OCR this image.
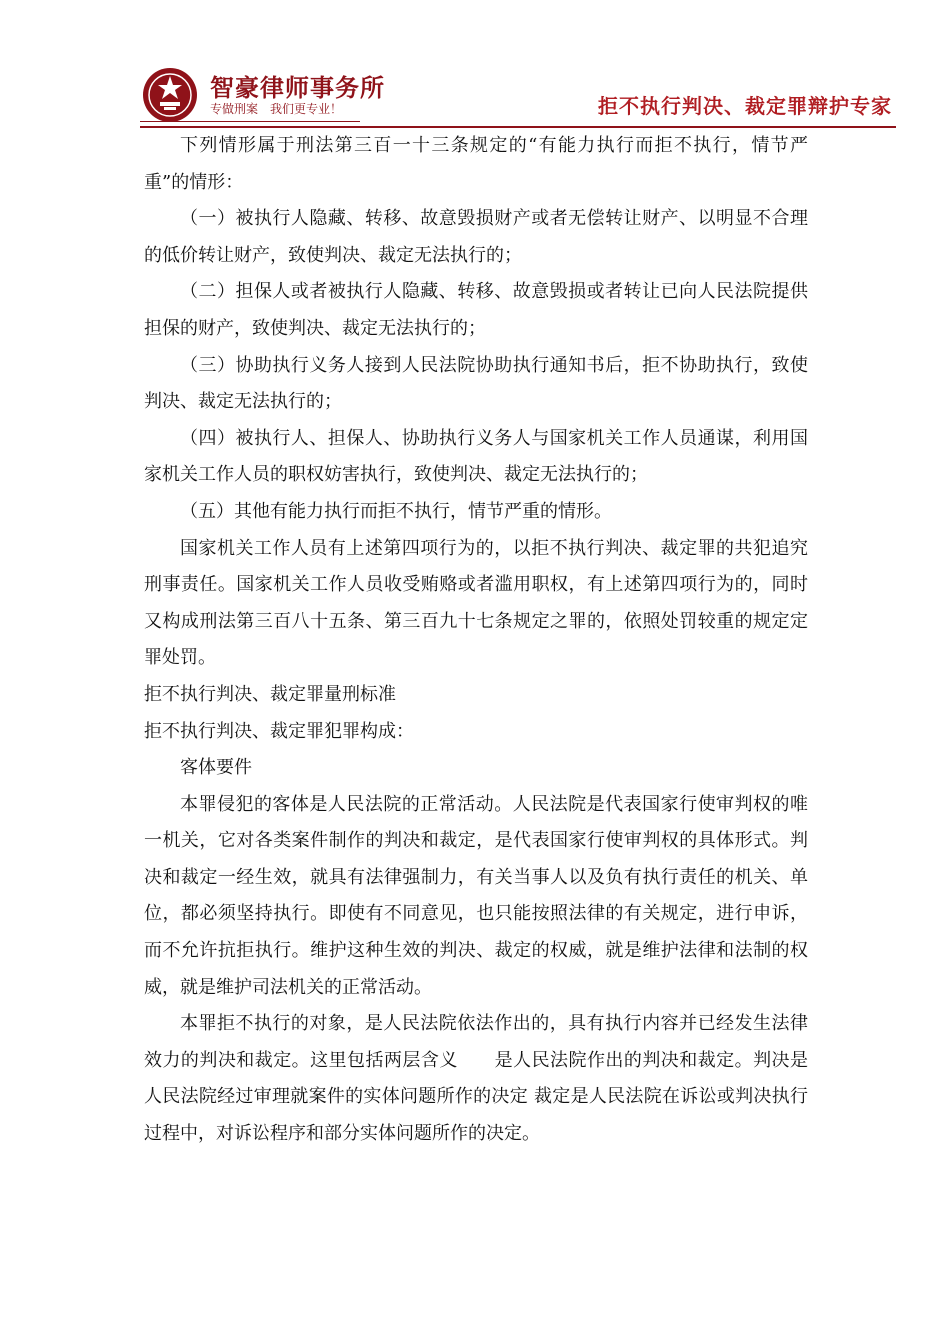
智豪律师事务所
专做刑案　我们更专业！	拒不执行判决、裁定罪辩护专家

下列情形属于刑法第三百一十三条规定的“有能力执行而拒不执行，情节严重”的情形：

（一）被执行人隐藏、转移、故意毁损财产或者无偿转让财产、以明显不合理的低价转让财产，致使判决、裁定无法执行的；

（二）担保人或者被执行人隐藏、转移、故意毁损或者转让已向人民法院提供担保的财产，致使判决、裁定无法执行的；

（三）协助执行义务人接到人民法院协助执行通知书后，拒不协助执行，致使判决、裁定无法执行的；

（四）被执行人、担保人、协助执行义务人与国家机关工作人员通谋，利用国家机关工作人员的职权妨害执行，致使判决、裁定无法执行的；

（五）其他有能力执行而拒不执行，情节严重的情形。

国家机关工作人员有上述第四项行为的，以拒不执行判决、裁定罪的共犯追究刑事责任。国家机关工作人员收受贿赂或者滥用职权，有上述第四项行为的，同时又构成刑法第三百八十五条、第三百九十七条规定之罪的，依照处罚较重的规定定罪处罚。

拒不执行判决、裁定罪量刑标准

拒不执行判决、裁定罪犯罪构成：

客体要件

本罪侵犯的客体是人民法院的正常活动。人民法院是代表国家行使审判权的唯一机关，它对各类案件制作的判决和裁定，是代表国家行使审判权的具体形式。判决和裁定一经生效，就具有法律强制力，有关当事人以及负有执行责任的机关、单位，都必须坚持执行。即使有不同意见，也只能按照法律的有关规定，进行申诉，而不允许抗拒执行。维护这种生效的判决、裁定的权威，就是维护法律和法制的权威，就是维护司法机关的正常活动。

本罪拒不执行的对象，是人民法院依法作出的，具有执行内容并已经发生法律效力的判决和裁定。这里包括两层含义　　是人民法院作出的判决和裁定。判决是人民法院经过审理就案件的实体问题所作的决定 裁定是人民法院在诉讼或判决执行过程中，对诉讼程序和部分实体问题所作的决定。
